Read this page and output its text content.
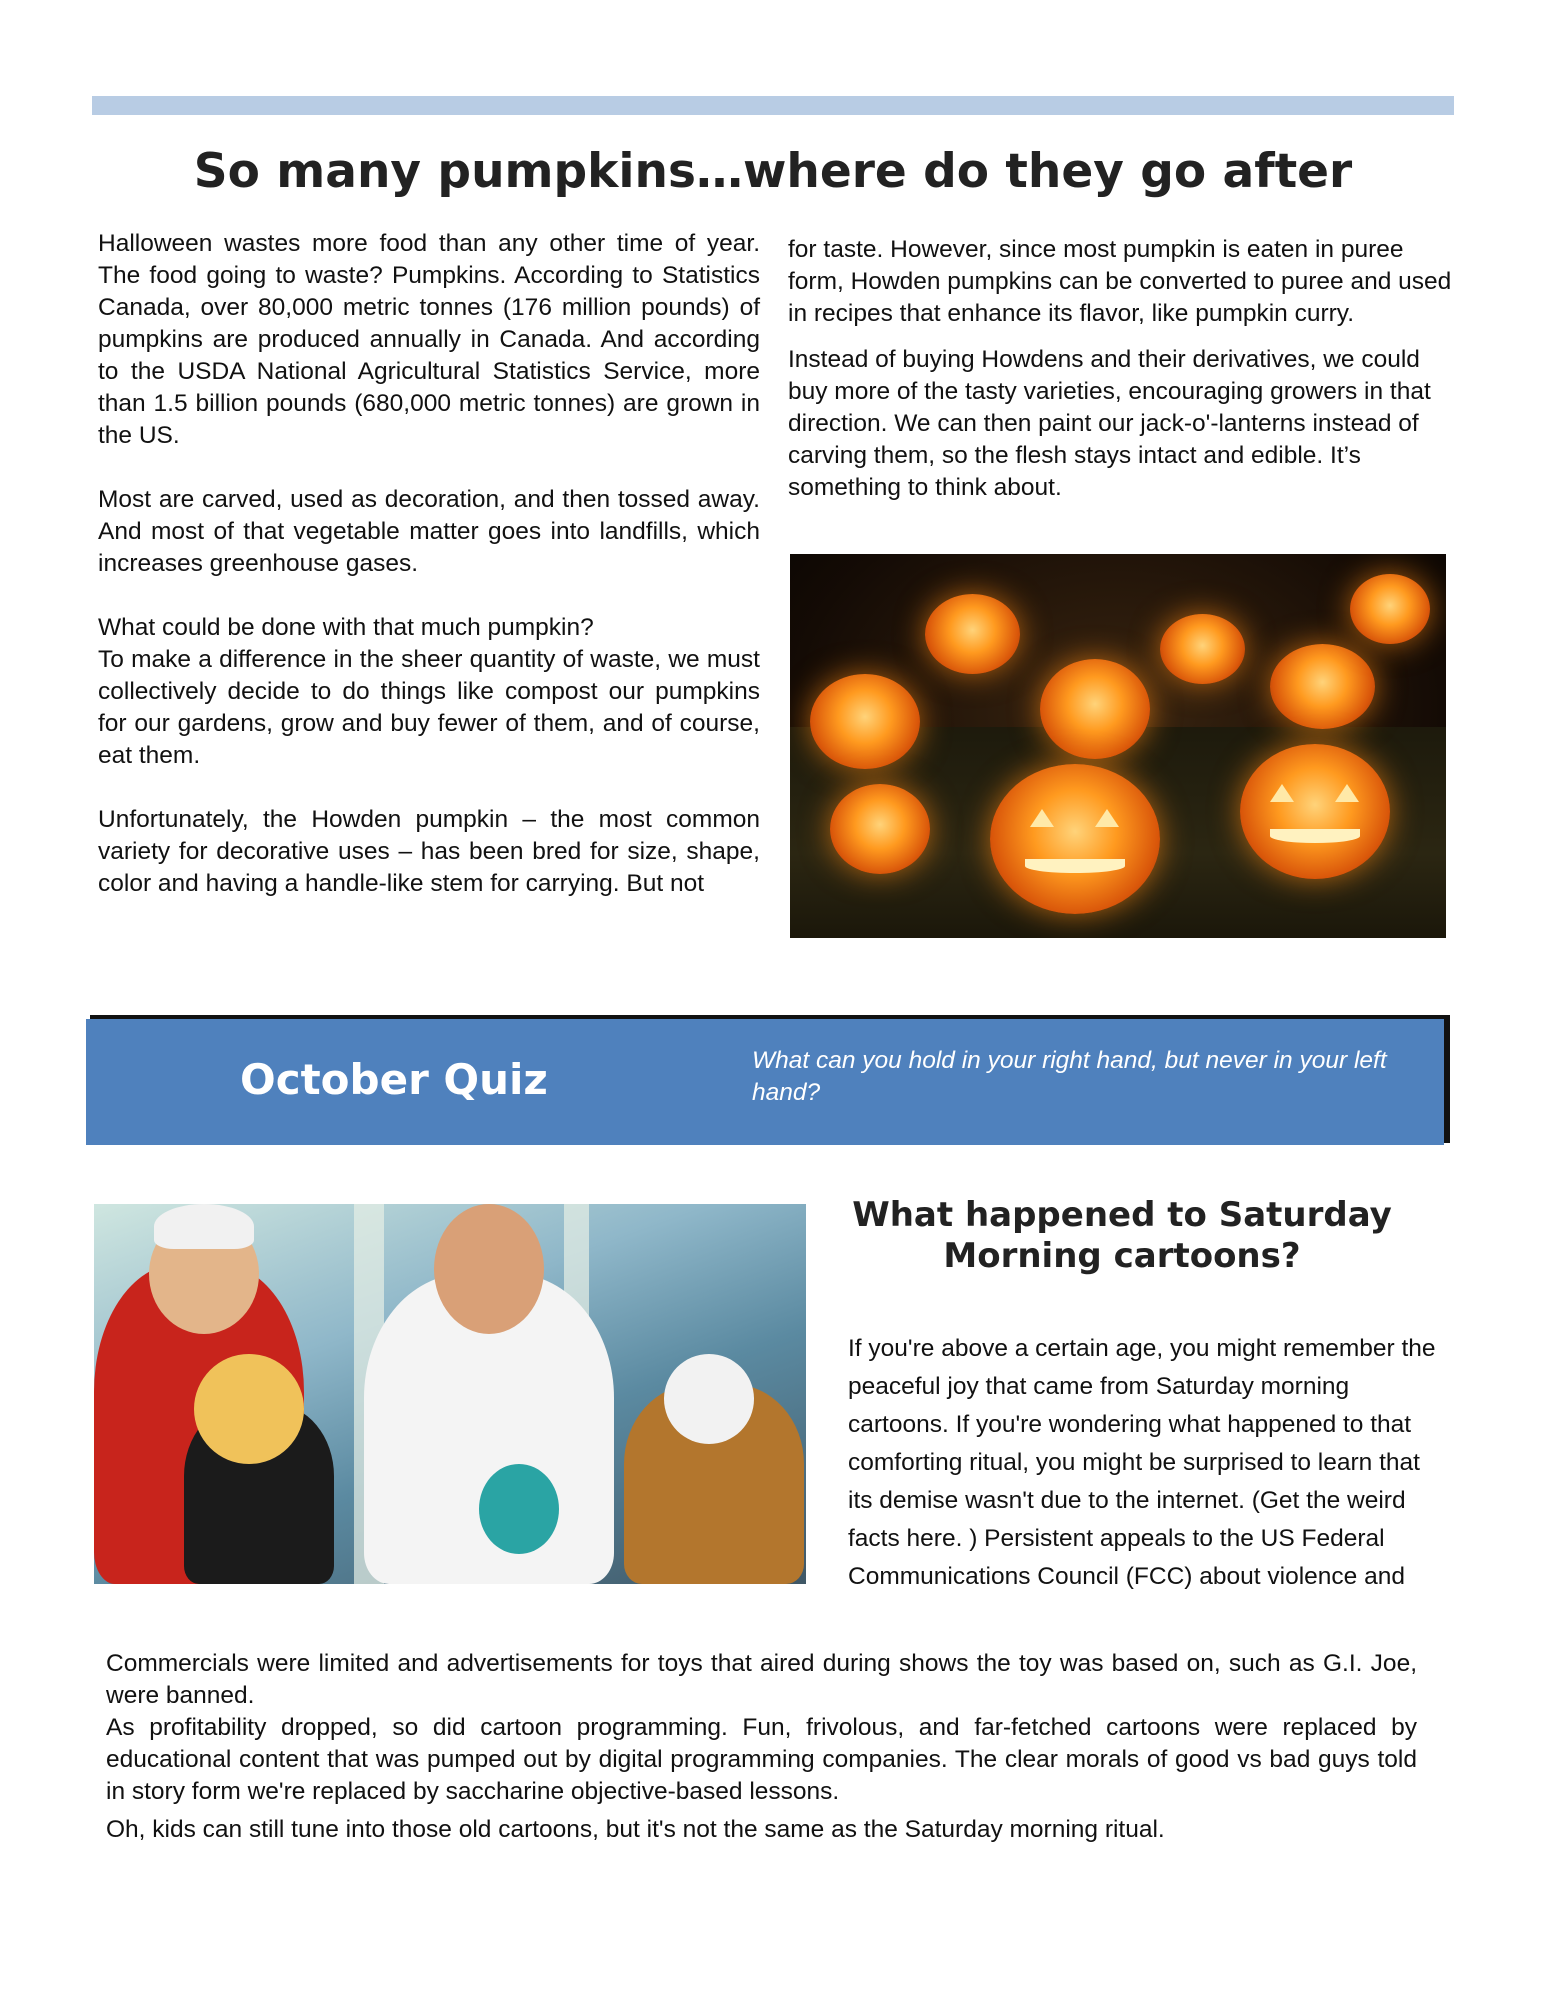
So many pumpkins…where do they go after

Halloween wastes more food than any other time of year. The food going to waste? Pumpkins. According to Statistics Canada, over 80,000 metric tonnes (176 million pounds) of pumpkins are produced annually in Canada. And according to the USDA National Agricultural Statistics Service, more than 1.5 billion pounds (680,000 metric tonnes) are grown in the US.

Most are carved, used as decoration, and then tossed away. And most of that vegetable matter goes into landfills, which increases greenhouse gases.

What could be done with that much pumpkin?

To make a difference in the sheer quantity of waste, we must collectively decide to do things like compost our pumpkins for our gardens, grow and buy fewer of them, and of course, eat them.

Unfortunately, the Howden pumpkin – the most common variety for decorative uses – has been bred for size, shape, color and having a handle-like stem for carrying. But not

for taste. However, since most pumpkin is eaten in puree form, Howden pumpkins can be converted to puree and used in recipes that enhance its flavor, like pumpkin curry.

Instead of buying Howdens and their derivatives, we could buy more of the tasty varieties, encouraging growers in that direction. We can then paint our jack-o'-lanterns instead of carving them, so the flesh stays intact and edible. It’s something to think about.

October Quiz	What can you hold in your right hand, but never in your left hand?

What happened to Saturday Morning cartoons?

If you're above a certain age, you might remember the peaceful joy that came from Saturday morning cartoons. If you're wondering what happened to that comforting ritual, you might be surprised to learn that its demise wasn't due to the internet. (Get the weird facts here. ) Persistent appeals to the US Federal Communications Council (FCC) about violence and

Commercials were limited and advertisements for toys that aired during shows the toy was based on, such as G.I. Joe, were banned.

As profitability dropped, so did cartoon programming. Fun, frivolous, and far-fetched cartoons were replaced by educational content that was pumped out by digital programming companies. The clear morals of good vs bad guys told in story form we're replaced by saccharine objective-based lessons.

Oh, kids can still tune into those old cartoons, but it's not the same as the Saturday morning ritual.
